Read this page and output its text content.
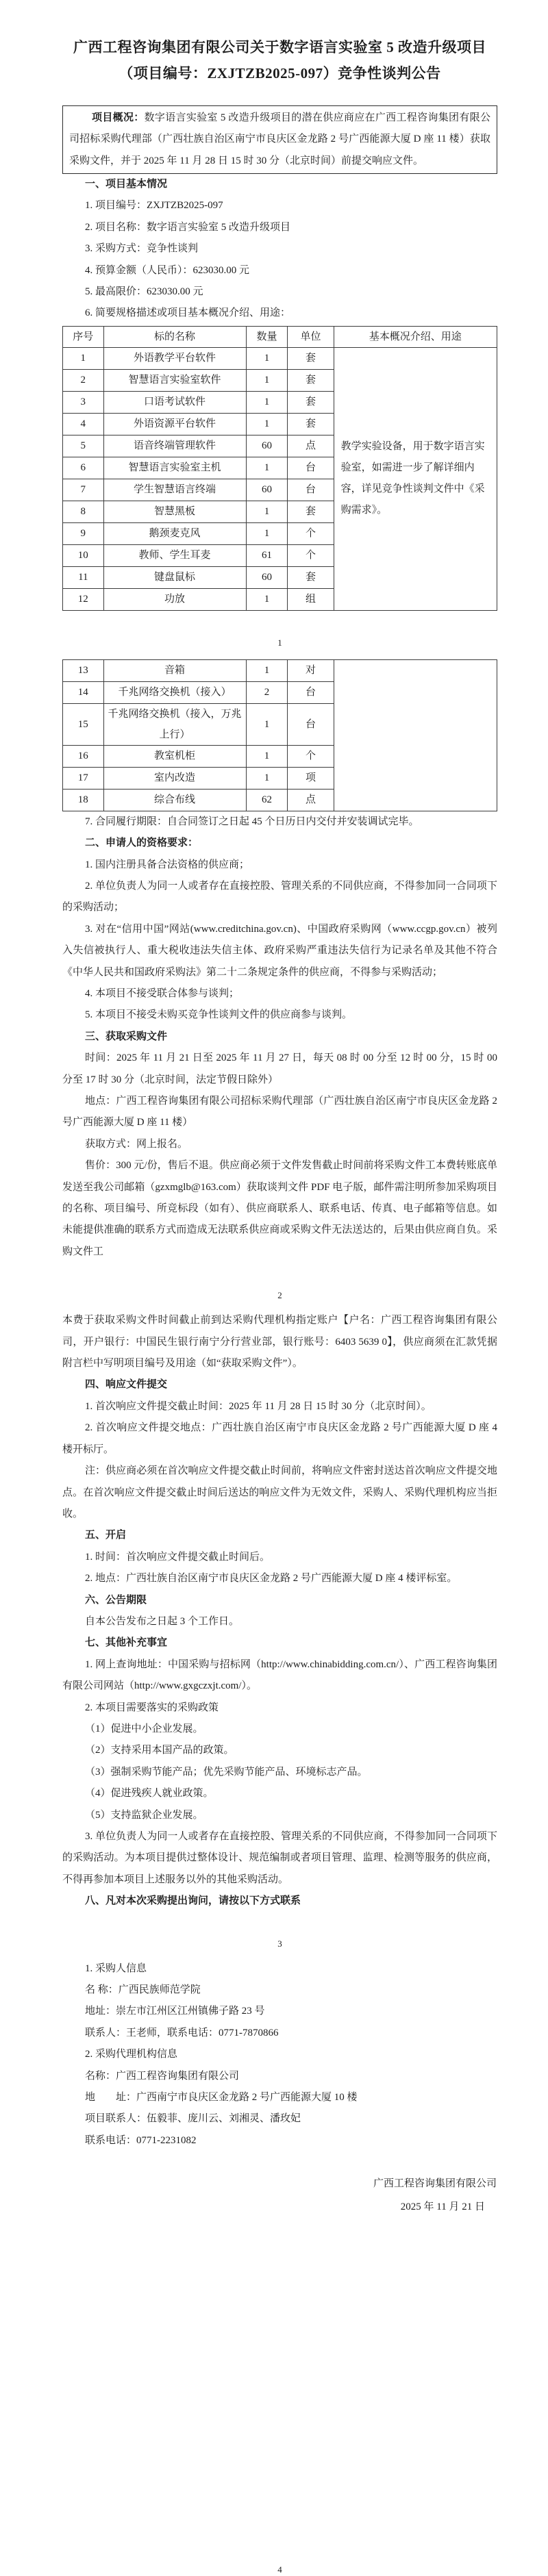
广西工程咨询集团有限公司关于数字语言实验室 5 改造升级项目
（项目编号：ZXJTZB2025-097）竞争性谈判公告

项目概况：数字语言实验室 5 改造升级项目的潜在供应商应在广西工程咨询集团有限公司招标采购代理部（广西壮族自治区南宁市良庆区金龙路 2 号广西能源大厦 D 座 11 楼）获取采购文件，并于 2025 年 11 月 28 日 15 时 30 分（北京时间）前提交响应文件。

一、项目基本情况

1. 项目编号：ZXJTZB2025-097

2. 项目名称：数字语言实验室 5 改造升级项目

3. 采购方式：竞争性谈判

4. 预算金额（人民币）：623030.00 元

5. 最高限价：623030.00 元

6. 简要规格描述或项目基本概况介绍、用途：

序号	标的名称	数量	单位	基本概况介绍、用途
1	外语教学平台软件	1	套	教学实验设备，用于数字语言实验室，如需进一步了解详细内容，详见竞争性谈判文件中《采购需求》。
2	智慧语言实验室软件	1	套	
3	口语考试软件	1	套	
4	外语资源平台软件	1	套	
5	语音终端管理软件	60	点	
6	智慧语言实验室主机	1	台	
7	学生智慧语言终端	60	台	
8	智慧黑板	1	套	
9	鹅颈麦克风	1	个	
10	教师、学生耳麦	61	个	
11	键盘鼠标	60	套	
12	功放	1	组	
1
13	音箱	1	对	
14	千兆网络交换机（接入）	2	台	
15	千兆网络交换机（接入，万兆上行）	1	台	
16	教室机柜	1	个	
17	室内改造	1	项	
18	综合布线	62	点	

7. 合同履行期限：自合同签订之日起 45 个日历日内交付并安装调试完毕。

二、申请人的资格要求：

1. 国内注册具备合法资格的供应商；

2. 单位负责人为同一人或者存在直接控股、管理关系的不同供应商，不得参加同一合同项下的采购活动；

3. 对在“信用中国”网站(www.creditchina.gov.cn)、中国政府采购网（www.ccgp.gov.cn）被列入失信被执行人、重大税收违法失信主体、政府采购严重违法失信行为记录名单及其他不符合《中华人民共和国政府采购法》第二十二条规定条件的供应商，不得参与采购活动；

4. 本项目不接受联合体参与谈判；

5. 本项目不接受未购买竞争性谈判文件的供应商参与谈判。

三、获取采购文件

时间：2025 年 11 月 21 日至 2025 年 11 月 27 日，每天 08 时 00 分至 12 时 00 分，15 时 00 分至 17 时 30 分（北京时间，法定节假日除外）

地点：广西工程咨询集团有限公司招标采购代理部（广西壮族自治区南宁市良庆区金龙路 2 号广西能源大厦 D 座 11 楼）

获取方式：网上报名。

售价：300 元/份，售后不退。供应商必须于文件发售截止时间前将采购文件工本费转账底单发送至我公司邮箱（gzxmglb@163.com）获取谈判文件 PDF 电子版，邮件需注明所参加采购项目的名称、项目编号、所竞标段（如有）、供应商联系人、联系电话、传真、电子邮箱等信息。如未能提供准确的联系方式而造成无法联系供应商或采购文件无法送达的，后果由供应商自负。采购文件工

2

本费于获取采购文件时间截止前到达采购代理机构指定账户【户名：广西工程咨询集团有限公司，开户银行：中国民生银行南宁分行营业部，银行账号：6403 5639 0】，供应商须在汇款凭据附言栏中写明项目编号及用途（如“获取采购文件”）。

四、响应文件提交

1. 首次响应文件提交截止时间：2025 年 11 月 28 日 15 时 30 分（北京时间）。

2. 首次响应文件提交地点：广西壮族自治区南宁市良庆区金龙路 2 号广西能源大厦 D 座 4 楼开标厅。

注：供应商必须在首次响应文件提交截止时间前，将响应文件密封送达首次响应文件提交地点。在首次响应文件提交截止时间后送达的响应文件为无效文件，采购人、采购代理机构应当拒收。

五、开启

1. 时间：首次响应文件提交截止时间后。

2. 地点：广西壮族自治区南宁市良庆区金龙路 2 号广西能源大厦 D 座 4 楼评标室。

六、公告期限

自本公告发布之日起 3 个工作日。

七、其他补充事宜

1. 网上查询地址：中国采购与招标网（http://www.chinabidding.com.cn/）、广西工程咨询集团有限公司网站（http://www.gxgczxjt.com/）。

2. 本项目需要落实的采购政策

（1）促进中小企业发展。

（2）支持采用本国产品的政策。

（3）强制采购节能产品；优先采购节能产品、环境标志产品。

（4）促进残疾人就业政策。

（5）支持监狱企业发展。

3. 单位负责人为同一人或者存在直接控股、管理关系的不同供应商，不得参加同一合同项下的采购活动。为本项目提供过整体设计、规范编制或者项目管理、监理、检测等服务的供应商，不得再参加本项目上述服务以外的其他采购活动。

八、凡对本次采购提出询问，请按以下方式联系

3

1. 采购人信息

名 称：广西民族师范学院

地址：崇左市江州区江州镇佛子路 23 号

联系人：王老师，联系电话：0771-7870866

2. 采购代理机构信息

名称：广西工程咨询集团有限公司

地　　址：广西南宁市良庆区金龙路 2 号广西能源大厦 10 楼

项目联系人：伍毅菲、庞川云、刘湘灵、潘玫妃

联系电话：0771-2231082

广西工程咨询集团有限公司
2025 年 11 月 21 日
4
